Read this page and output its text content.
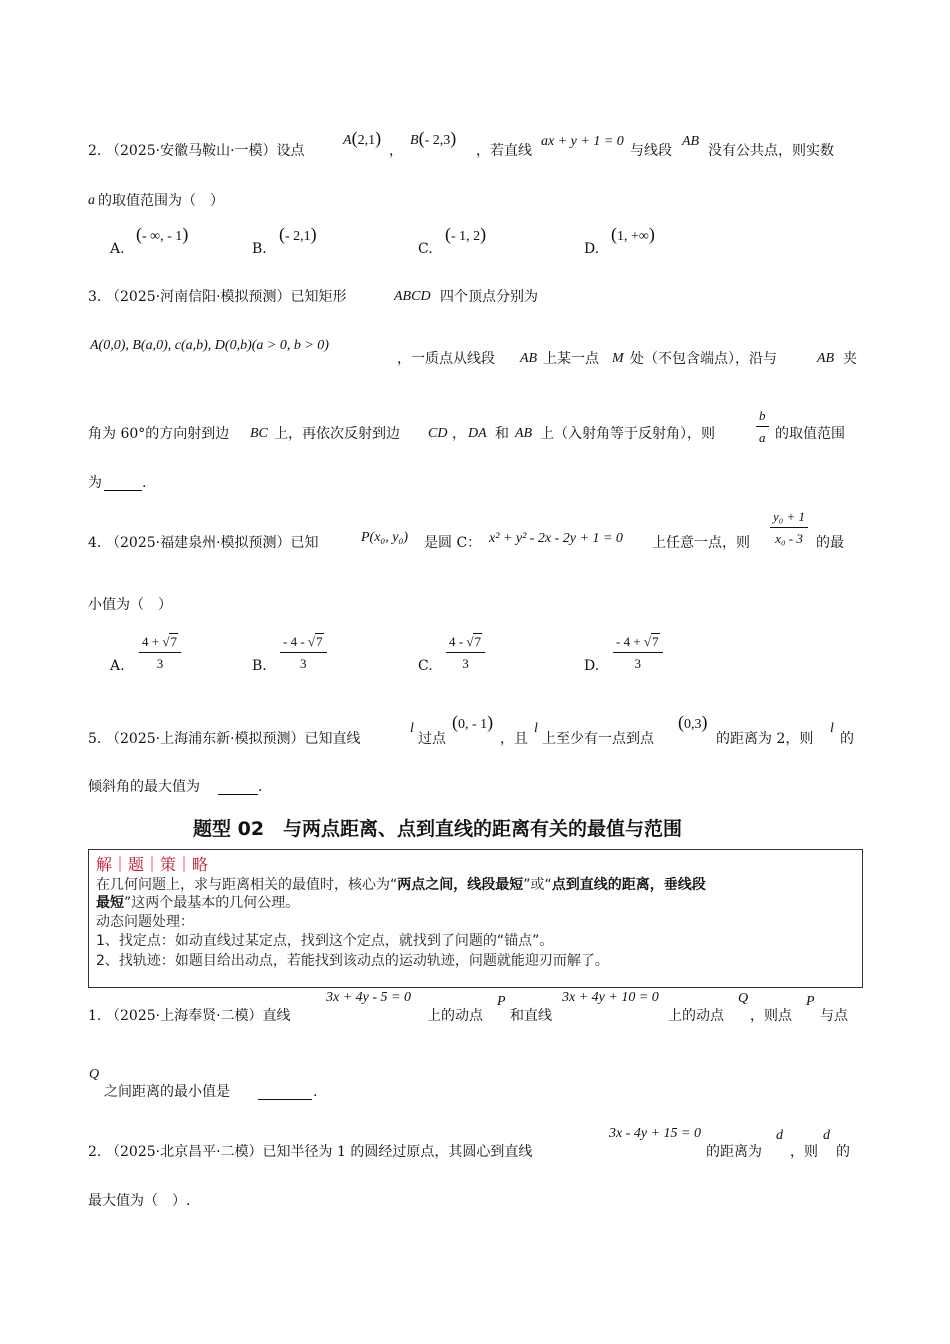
2. （2025·安徽马鞍山·一模）设点
A(2,1)
，
B(- 2,3)
，若直线
ax + y + 1 = 0
与线段
AB
没有公共点，则实数
a 的取值范围为（　）
A.
(- ∞, - 1)
B.
(- 2,1)
C.
(- 1, 2)
D.
(1, +∞)
3. （2025·河南信阳·模拟预测）已知矩形	ABCD 四个顶点分别为
A(0,0), B(a,0), c(a,b), D(0,b)(a > 0, b > 0)
，一质点从线段 AB 上某一点 M 处（不包含端点），沿与	AB 夹
角为 60°的方向射到边 BC 上，再依次反射到边 CD ， DA 和 AB 上（入射角等于反射角），则	$\frac{b}{a}$ 的取值范围
为	.
4. （2025·福建泉州·模拟预测）已知	P(x₀, y₀) 是圆 C： x² + y² - 2x - 2y + 1 = 0 上任意一点，则 $\frac{\text{y₀ + 1}}{\text{x₀ - 3}}$ 的最
小值为（　）
A. $\frac{4 + √7}{3}$	B. $\frac{- 4 - √7}{3}$	C. $\frac{4 - √7}{3}$	D. $\frac{- 4 + √7}{3}$
5. （2025·上海浦东新·模拟预测）已知直线
l
过点
(0, - 1)
，且
l
上至少有一点到点
(0,3)
的距离为 2，则
l
的
倾斜角的最大值为	.
题型 02　与两点距离、点到直线的距离有关的最值与范围
解｜题｜策｜略
在几何问题上，求与距离相关的最值时，核心为“两点之间，线段最短”或“点到直线的距离，垂线段
最短”这两个最基本的几何公理。
动态问题处理：
1、找定点：如动直线过某定点，找到这个定点，就找到了问题的“锚点”。
2、找轨迹：如题目给出动点，若能找到该动点的运动轨迹，问题就能迎刃而解了。
1. （2025·上海奉贤·二模）直线
3x + 4y - 5 = 0
上的动点
P
和直线
3x + 4y + 10 = 0
上的动点
Q
，则点
P
与点
Q
之间距离的最小值是	.
2. （2025·北京昌平·二模）已知半径为 1 的圆经过原点，其圆心到直线
3x - 4y + 15 = 0
的距离为
d
，则
d
的
最大值为（　）.
